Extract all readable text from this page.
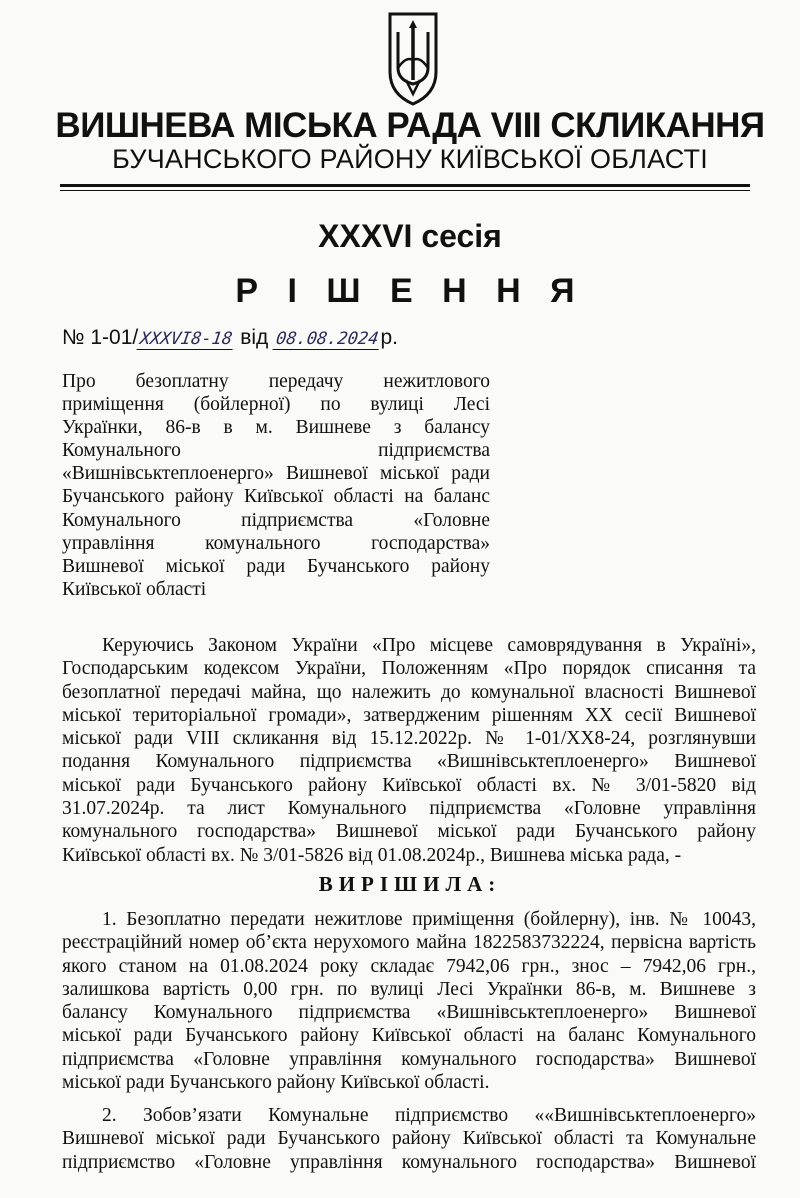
ВИШНЕВА МІСЬКА РАДА VIII СКЛИКАННЯ
БУЧАНСЬКОГО РАЙОНУ КИЇВСЬКОЇ ОБЛАСТІ
XXXVI сесія
Р І Ш Е Н Н Я
№ 1-01/XXXVI8-18 від 08.08.2024р.
Про безоплатну передачу нежитлового
приміщення (бойлерної) по вулиці Лесі
Українки, 86-в в м. Вишневе з балансу
Комунального підприємства
«Вишнівськтеплоенерго» Вишневої міської ради
Бучанського району Київської області на баланс
Комунального підприємства «Головне
управління комунального господарства»
Вишневої міської ради Бучанського району
Київської області
Керуючись Законом України «Про місцеве самоврядування в Україні»,
Господарським кодексом України, Положенням «Про порядок списання та
безоплатної передачі майна, що належить до комунальної власності Вишневої
міської територіальної громади», затвердженим рішенням XX сесії Вишневої
міської ради VIII скликання від 15.12.2022р. № 1-01/XX8-24, розглянувши
подання Комунального підприємства «Вишнівськтеплоенерго» Вишневої
міської ради Бучанського району Київської області вх. № 3/01-5820 від
31.07.2024р. та лист Комунального підприємства «Головне управління
комунального господарства» Вишневої міської ради Бучанського району
Київської області вх. № 3/01-5826 від 01.08.2024р., Вишнева міська рада, -
ВИРІШИЛА:
1. Безоплатно передати нежитлове приміщення (бойлерну), інв. № 10043,
реєстраційний номер об’єкта нерухомого майна 1822583732224, первісна вартість
якого станом на 01.08.2024 року складає 7942,06 грн., знос – 7942,06 грн.,
залишкова вартість 0,00 грн. по вулиці Лесі Українки 86-в, м. Вишневе з
балансу Комунального підприємства «Вишнівськтеплоенерго» Вишневої
міської ради Бучанського району Київської області на баланс Комунального
підприємства «Головне управління комунального господарства» Вишневої
міської ради Бучанського району Київської області.
2. Зобов’язати Комунальне підприємство ««Вишнівськтеплоенерго»
Вишневої міської ради Бучанського району Київської області та Комунальне
підприємство «Головне управління комунального господарства» Вишневої
